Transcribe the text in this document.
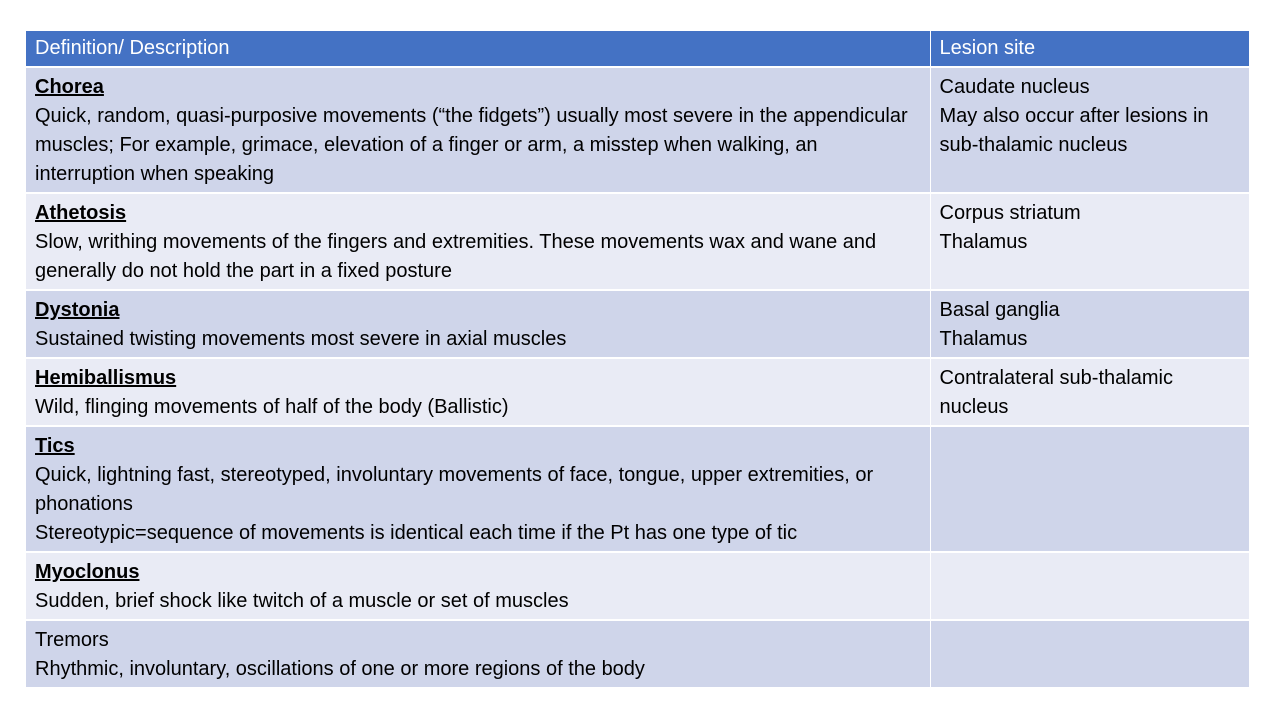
Definition/ Description	Lesion site

Chorea
Quick, random, quasi-purposive movements (“the fidgets”) usually most severe in the appendicular muscles; For example, grimace, elevation of a finger or arm, a misstep when walking, an interruption when speaking	Caudate nucleus
May also occur after lesions in sub-thalamic nucleus

Athetosis
Slow, writhing movements of the fingers and extremities. These movements wax and wane and generally do not hold the part in a fixed posture	Corpus striatum
Thalamus

Dystonia
Sustained twisting movements most severe in axial muscles	Basal ganglia
Thalamus

Hemiballismus
Wild, flinging movements of half of the body (Ballistic)	Contralateral sub-thalamic nucleus

Tics
Quick, lightning fast, stereotyped, involuntary movements of face, tongue, upper extremities, or phonations
Stereotypic=sequence of movements is identical each time if the Pt has one type of tic	

Myoclonus
Sudden, brief shock like twitch of a muscle or set of muscles	

Tremors
Rhythmic, involuntary, oscillations of one or more regions of the body	
